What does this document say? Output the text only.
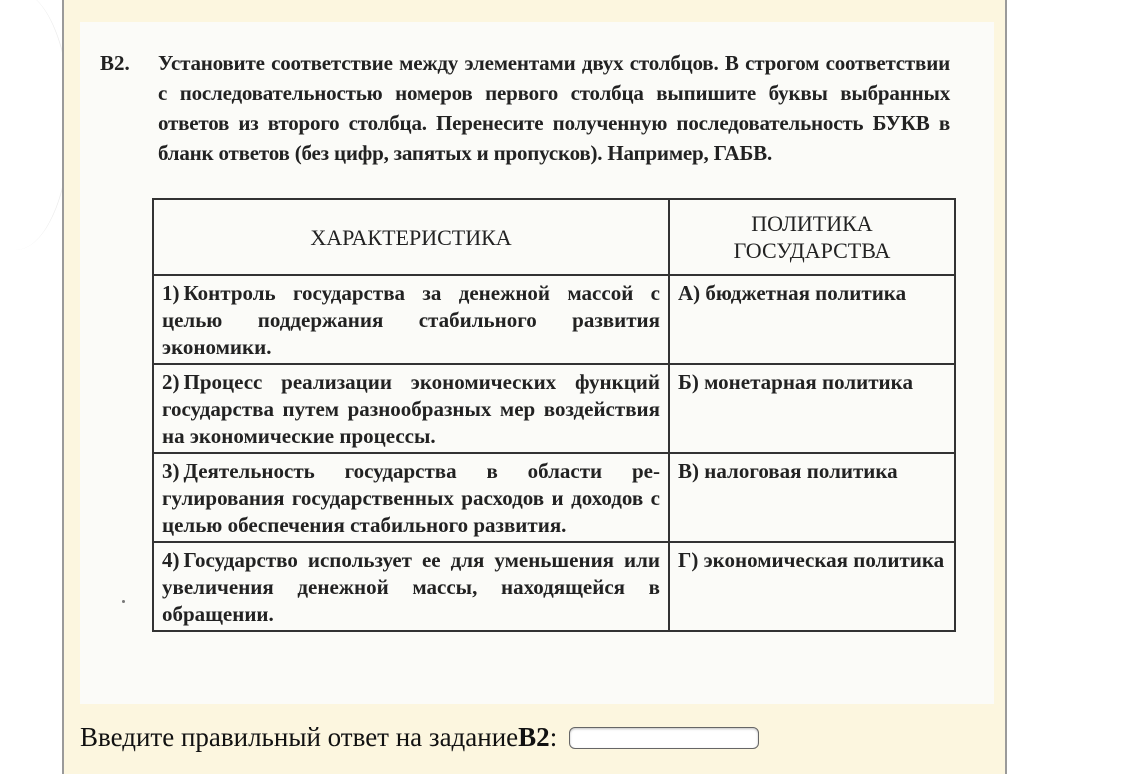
B2. Установите соответствие между элементами двух столбцов. В строгом соответствии с последовательностью номеров первого столбца выпишите буквы выбранных ответов из второго столбца. Перенесите полученную последовательность БУКВ в бланк ответов (без цифр, запятых и пропусков). Например, ГАБВ.
ХАРАКТЕРИСТИКА	ПОЛИТИКА
ГОСУДАРСТВА

1) Контроль государства за денежной массой с целью поддержания стабильного развития экономики.	А) бюджетная политика
2) Процесс реализации экономических функций государства путем разнообразных мер воздействия на экономические процессы.	Б) монетарная политика
3) Деятельность государства в области регулирования государственных расходов и доходов с целью обеспечения стабильного развития.	В) налоговая политика
4) Государство использует ее для уменьшения или увеличения денежной массы, находящейся в обращении.	Г) экономическая политика
Введите правильный ответ на задание B2 :
